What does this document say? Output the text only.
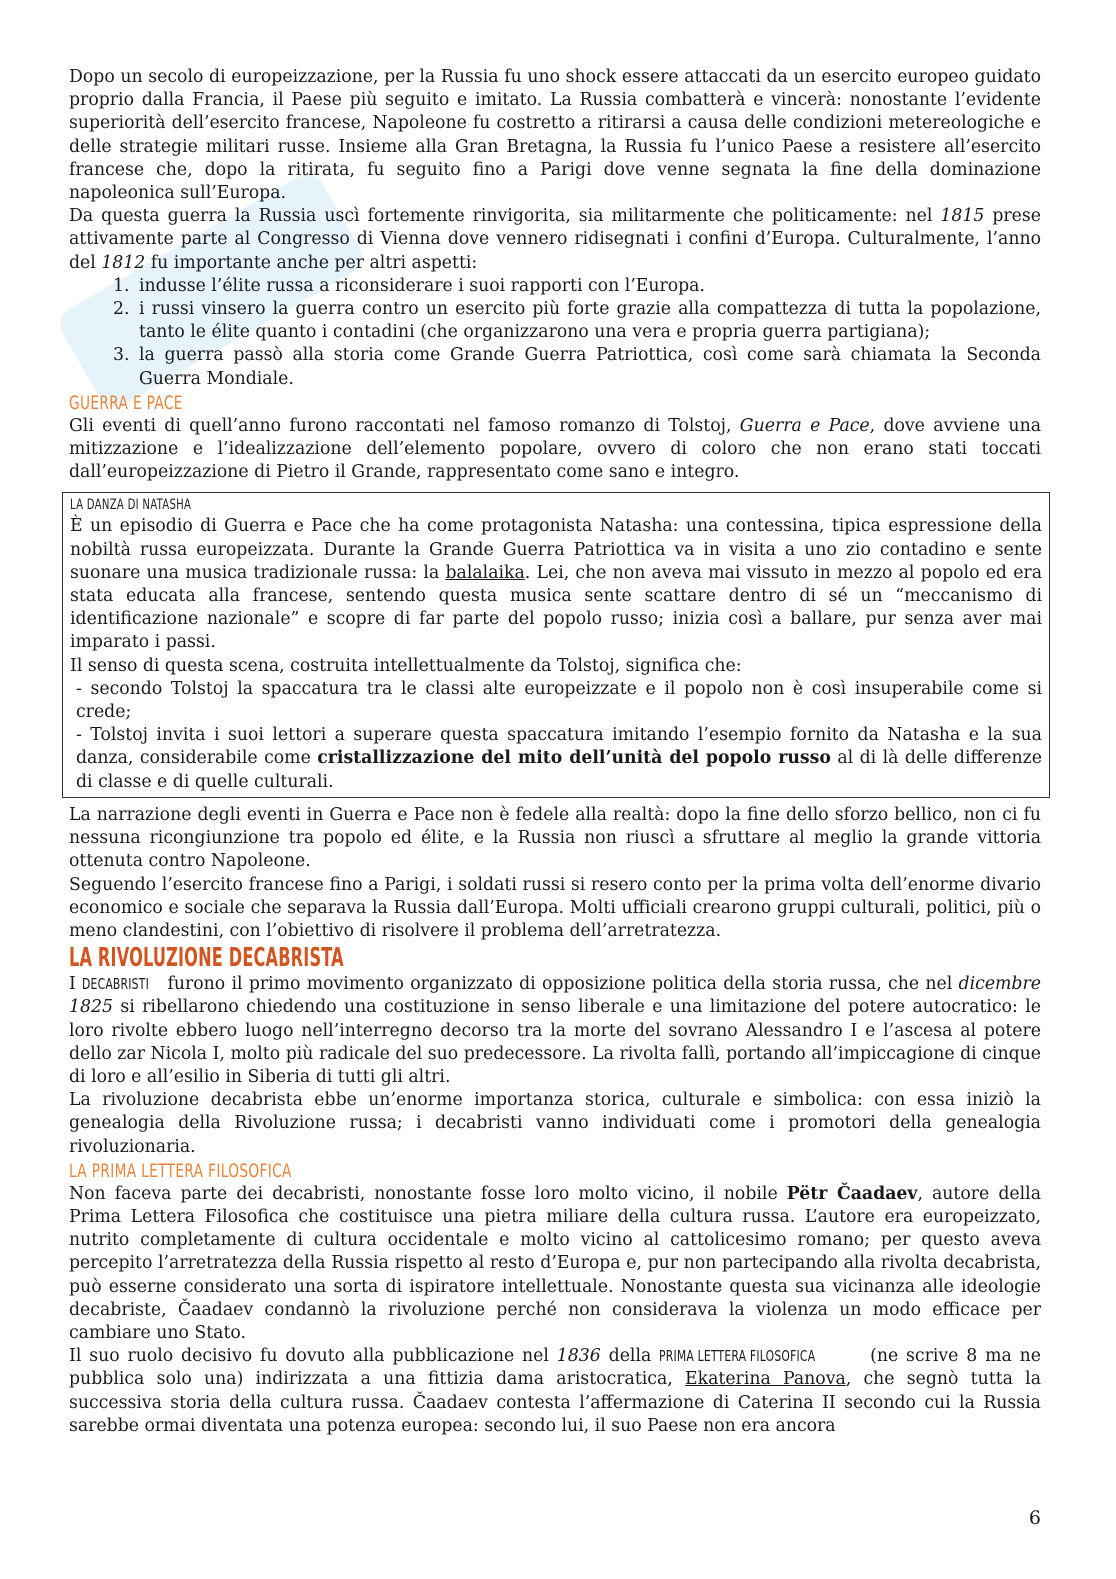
Dopo un secolo di europeizzazione, per la Russia fu uno shock essere attaccati da un esercito europeo guidato proprio dalla Francia, il Paese più seguito e imitato. La Russia combatterà e vincerà: nonostante l’evidente superiorità dell’esercito francese, Napoleone fu costretto a ritirarsi a causa delle condizioni metereologiche e delle strategie militari russe. Insieme alla Gran Bretagna, la Russia fu l’unico Paese a resistere all’esercito francese che, dopo la ritirata, fu seguito fino a Parigi dove venne segnata la fine della dominazione napoleonica sull’Europa.

Da questa guerra la Russia uscì fortemente rinvigorita, sia militarmente che politicamente: nel 1815 prese attivamente parte al Congresso di Vienna dove vennero ridisegnati i confini d’Europa. Culturalmente, l’anno del 1812 fu importante anche per altri aspetti:

1. indusse l’élite russa a riconsiderare i suoi rapporti con l’Europa.
2. i russi vinsero la guerra contro un esercito più forte grazie alla compattezza di tutta la popolazione, tanto le élite quanto i contadini (che organizzarono una vera e propria guerra partigiana);
3. la guerra passò alla storia come Grande Guerra Patriottica, così come sarà chiamata la Seconda Guerra Mondiale.
GUERRA E PACE

Gli eventi di quell’anno furono raccontati nel famoso romanzo di Tolstoj, Guerra e Pace, dove avviene una mitizzazione e l’idealizzazione dell’elemento popolare, ovvero di coloro che non erano stati toccati dall’europeizzazione di Pietro il Grande, rappresentato come sano e integro.

LA DANZA DI NATASHA

È un episodio di Guerra e Pace che ha come protagonista Natasha: una contessina, tipica espressione della nobiltà russa europeizzata. Durante la Grande Guerra Patriottica va in visita a uno zio contadino e sente suonare una musica tradizionale russa: la balalaika. Lei, che non aveva mai vissuto in mezzo al popolo ed era stata educata alla francese, sentendo questa musica sente scattare dentro di sé un “meccanismo di identificazione nazionale” e scopre di far parte del popolo russo; inizia così a ballare, pur senza aver mai imparato i passi.

Il senso di questa scena, costruita intellettualmente da Tolstoj, significa che:

- secondo Tolstoj la spaccatura tra le classi alte europeizzate e il popolo non è così insuperabile come si crede;

- Tolstoj invita i suoi lettori a superare questa spaccatura imitando l’esempio fornito da Natasha e la sua danza, considerabile come cristallizzazione del mito dell’unità del popolo russo al di là delle differenze di classe e di quelle culturali.

La narrazione degli eventi in Guerra e Pace non è fedele alla realtà: dopo la fine dello sforzo bellico, non ci fu nessuna ricongiunzione tra popolo ed élite, e la Russia non riuscì a sfruttare al meglio la grande vittoria ottenuta contro Napoleone.

Seguendo l’esercito francese fino a Parigi, i soldati russi si resero conto per la prima volta dell’enorme divario economico e sociale che separava la Russia dall’Europa. Molti ufficiali crearono gruppi culturali, politici, più o meno clandestini, con l’obiettivo di risolvere il problema dell’arretratezza.

LA RIVOLUZIONE DECABRISTA

I DECABRISTI furono il primo movimento organizzato di opposizione politica della storia russa, che nel dicembre 1825 si ribellarono chiedendo una costituzione in senso liberale e una limitazione del potere autocratico: le loro rivolte ebbero luogo nell’interregno decorso tra la morte del sovrano Alessandro I e l’ascesa al potere dello zar Nicola I, molto più radicale del suo predecessore. La rivolta fallì, portando all’impiccagione di cinque di loro e all’esilio in Siberia di tutti gli altri.

La rivoluzione decabrista ebbe un’enorme importanza storica, culturale e simbolica: con essa iniziò la genealogia della Rivoluzione russa; i decabristi vanno individuati come i promotori della genealogia rivoluzionaria.

LA PRIMA LETTERA FILOSOFICA

Non faceva parte dei decabristi, nonostante fosse loro molto vicino, il nobile Pëtr Čaadaev, autore della Prima Lettera Filosofica che costituisce una pietra miliare della cultura russa. L’autore era europeizzato, nutrito completamente di cultura occidentale e molto vicino al cattolicesimo romano; per questo aveva percepito l’arretratezza della Russia rispetto al resto d’Europa e, pur non partecipando alla rivolta decabrista, può esserne considerato una sorta di ispiratore intellettuale. Nonostante questa sua vicinanza alle ideologie decabriste, Čaadaev condannò la rivoluzione perché non considerava la violenza un modo efficace per cambiare uno Stato.

Il suo ruolo decisivo fu dovuto alla pubblicazione nel 1836 della PRIMA LETTERA FILOSOFICA	(ne scrive 8 ma ne pubblica solo una) indirizzata a una fittizia dama aristocratica, Ekaterina Panova, che segnò tutta la successiva storia della cultura russa. Čaadaev contesta l’affermazione di Caterina II secondo cui la Russia sarebbe ormai diventata una potenza europea: secondo lui, il suo Paese non era ancora

6
